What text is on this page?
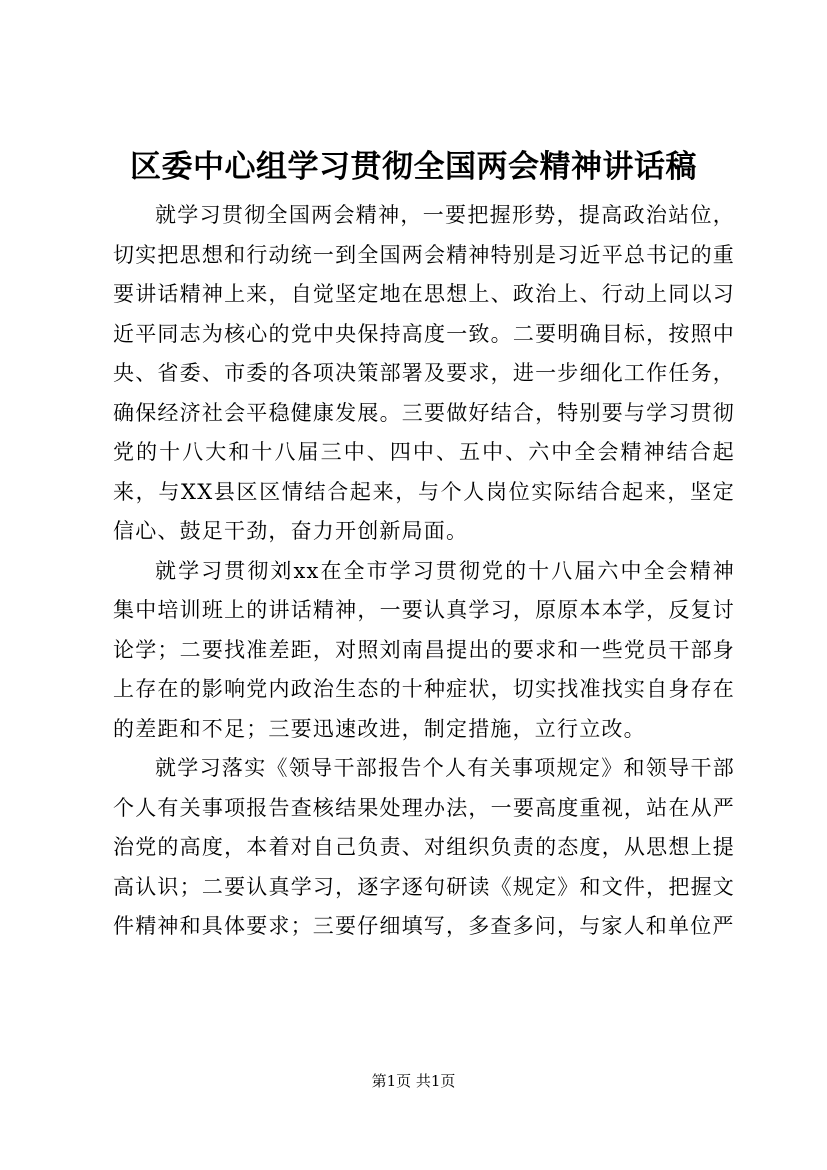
区委中心组学习贯彻全国两会精神讲话稿

就学习贯彻全国两会精神，一要把握形势，提高政治站位，切实把思想和行动统一到全国两会精神特别是习近平总书记的重要讲话精神上来，自觉坚定地在思想上、政治上、行动上同以习近平同志为核心的党中央保持高度一致。二要明确目标，按照中央、省委、市委的各项决策部署及要求，进一步细化工作任务，确保经济社会平稳健康发展。三要做好结合，特别要与学习贯彻党的十八大和十八届三中、四中、五中、六中全会精神结合起来，与XX县区区情结合起来，与个人岗位实际结合起来，坚定信心、鼓足干劲，奋力开创新局面。

就学习贯彻刘xx在全市学习贯彻党的十八届六中全会精神集中培训班上的讲话精神，一要认真学习，原原本本学，反复讨论学；二要找准差距，对照刘南昌提出的要求和一些党员干部身上存在的影响党内政治生态的十种症状，切实找准找实自身存在的差距和不足；三要迅速改进，制定措施，立行立改。

就学习落实《领导干部报告个人有关事项规定》和领导干部个人有关事项报告查核结果处理办法，一要高度重视，站在从严治党的高度，本着对自己负责、对组织负责的态度，从思想上提高认识；二要认真学习，逐字逐句研读《规定》和文件，把握文件精神和具体要求；三要仔细填写，多查多问，与家人和单位严

第1页 共1页
